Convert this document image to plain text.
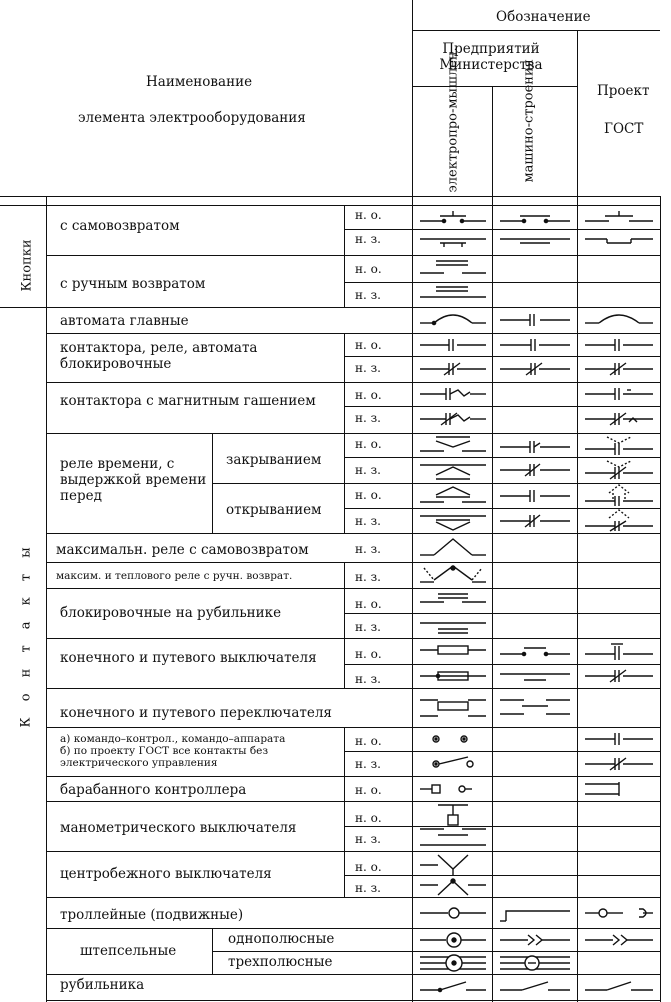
Наименование
элемента электрооборудования
Обозначение
Предприятий Министерства
Проект
ГОСТ
электропро-мышлен.	машино-строения
Кнопки
К о н т а к т ы
с самовозвратом
с ручным возвратом
автомата главные
контактора, реле, автомата блокировочные
контактора с магнитным гашением
реле времени, с выдержкой времени перед
закрыванием
открыванием
максимальн. реле с самовозвратом
максим. и теплового реле с ручн. возврат.
блокировочные на рубильнике
конечного и путевого выключателя
конечного и путевого переключателя
а) командо–контрол., командо–аппарата
б) по проекту ГОСТ все контакты без электрического управления
барабанного контроллера
манометрического выключателя
центробежного выключателя
троллейные (подвижные)
штепсельные
однополюсные
трехполюсные
рубильника
н. о.
н. з.
н. о.
н. з.
н. о.
н. з.
н. о.
н. з.
н. о.
н. з.
н. о.
н. з.
н. з.
н. з.
н. о.
н. з.
н. о.
н. з.
н. о.
н. з.
н. о.
н. о.
н. з.
н. о.
н. з.
